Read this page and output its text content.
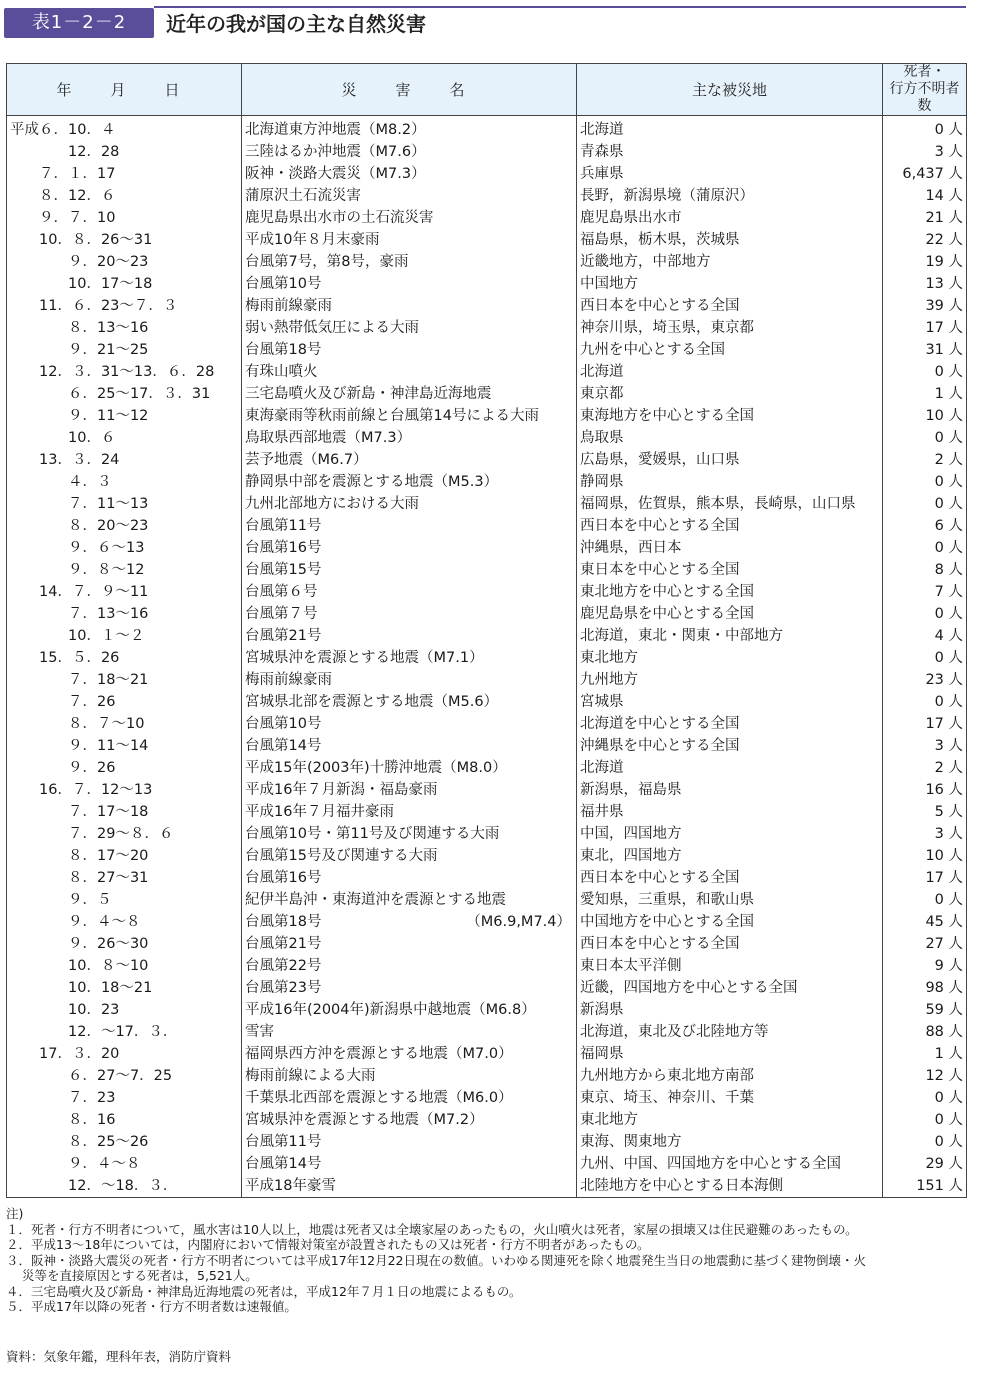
表1－2－2	近年の我が国の主な自然災害
年　月　日	災　害　名	主な被災地	死者・
行方不明者数
平成６．10．４	北海道東方沖地震（M8.2）	北海道	0 人
　　　　12．28	三陸はるか沖地震（M7.6）	青森県	3 人
　　７．１．17	阪神・淡路大震災（M7.3）	兵庫県	6,437 人
　　８．12．６	蒲原沢土石流災害	長野，新潟県境（蒲原沢）	14 人
　　９．７．10	鹿児島県出水市の土石流災害	鹿児島県出水市	21 人
　　10．８．26～31	平成10年８月末豪雨	福島県，栃木県，茨城県	22 人
　　　　９．20～23	台風第7号，第8号，豪雨	近畿地方，中部地方	19 人
　　　　10．17～18	台風第10号	中国地方	13 人
　　11．６．23～７．３	梅雨前線豪雨	西日本を中心とする全国	39 人
　　　　８．13～16	弱い熱帯低気圧による大雨	神奈川県，埼玉県，東京都	17 人
　　　　９．21～25	台風第18号	九州を中心とする全国	31 人
　　12．３．31～13．６．28	有珠山噴火	北海道	0 人
　　　　６．25～17．３．31	三宅島噴火及び新島・神津島近海地震	東京都	1 人
　　　　９．11～12	東海豪雨等秋雨前線と台風第14号による大雨	東海地方を中心とする全国	10 人
　　　　10．６	鳥取県西部地震（M7.3）	鳥取県	0 人
　　13．３．24	芸予地震（M6.7）	広島県，愛媛県，山口県	2 人
　　　　４．３	静岡県中部を震源とする地震（M5.3）	静岡県	0 人
　　　　７．11～13	九州北部地方における大雨	福岡県，佐賀県，熊本県，長崎県，山口県	0 人
　　　　８．20～23	台風第11号	西日本を中心とする全国	6 人
　　　　９．６～13	台風第16号	沖縄県，西日本	0 人
　　　　９．８～12	台風第15号	東日本を中心とする全国	8 人
　　14．７．９～11	台風第６号	東北地方を中心とする全国	7 人
　　　　７．13～16	台風第７号	鹿児島県を中心とする全国	0 人
　　　　10．１～２	台風第21号	北海道，東北・関東・中部地方	4 人
　　15．５．26	宮城県沖を震源とする地震（M7.1）	東北地方	0 人
　　　　７．18～21	梅雨前線豪雨	九州地方	23 人
　　　　７．26	宮城県北部を震源とする地震（M5.6）	宮城県	0 人
　　　　８．７～10	台風第10号	北海道を中心とする全国	17 人
　　　　９．11～14	台風第14号	沖縄県を中心とする全国	3 人
　　　　９．26	平成15年(2003年)十勝沖地震（M8.0）	北海道	2 人
　　16．７．12～13	平成16年７月新潟・福島豪雨	新潟県，福島県	16 人
　　　　７．17～18	平成16年７月福井豪雨	福井県	5 人
　　　　７．29～８．６	台風第10号・第11号及び関連する大雨	中国，四国地方	3 人
　　　　８．17～20	台風第15号及び関連する大雨	東北，四国地方	10 人
　　　　８．27～31	台風第16号	西日本を中心とする全国	17 人
　　　　９．５	紀伊半島沖・東海道沖を震源とする地震	愛知県，三重県，和歌山県	0 人
　　　　９．４～８	台風第18号 （M6.9,M7.4）	中国地方を中心とする全国	45 人
　　　　９．26～30	台風第21号	西日本を中心とする全国	27 人
　　　　10．８～10	台風第22号	東日本太平洋側	9 人
　　　　10．18～21	台風第23号	近畿，四国地方を中心とする全国	98 人
　　　　10．23	平成16年(2004年)新潟県中越地震（M6.8）	新潟県	59 人
　　　　12．～17．３．	雪害	北海道，東北及び北陸地方等	88 人
　　17．３．20	福岡県西方沖を震源とする地震（M7.0）	福岡県	1 人
　　　　６．27～7．25	梅雨前線による大雨	九州地方から東北地方南部	12 人
　　　　７．23	千葉県北西部を震源とする地震（M6.0）	東京、埼玉、神奈川、千葉	0 人
　　　　８．16	宮城県沖を震源とする地震（M7.2）	東北地方	0 人
　　　　８．25～26	台風第11号	東海、関東地方	0 人
　　　　９．４～８	台風第14号	九州、中国、四国地方を中心とする全国	29 人
　　　　12．～18．３．	平成18年豪雪	北陸地方を中心とする日本海側	151 人
注)
１．死者・行方不明者について，風水害は10人以上，地震は死者又は全壊家屋のあったもの，火山噴火は死者，家屋の損壊又は住民避難のあったもの。
２．平成13～18年については，内閣府において情報対策室が設置されたもの又は死者・行方不明者があったもの。
３．阪神・淡路大震災の死者・行方不明者については平成17年12月22日現在の数値。いわゆる関連死を除く地震発生当日の地震動に基づく建物倒壊・火
災等を直接原因とする死者は，5,521人。
４．三宅島噴火及び新島・神津島近海地震の死者は，平成12年７月１日の地震によるもの。
５．平成17年以降の死者・行方不明者数は速報値。
資料：気象年鑑，理科年表，消防庁資料
